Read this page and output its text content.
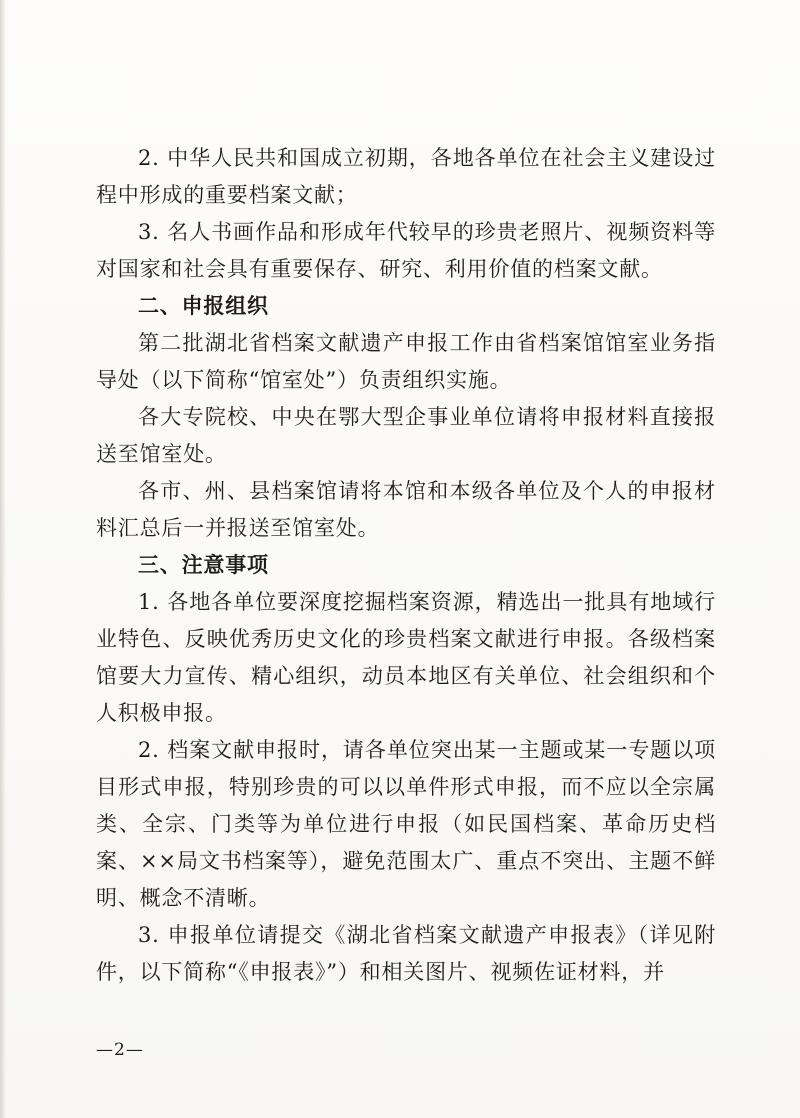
2. 中华人民共和国成立初期，各地各单位在社会主义建设过程中形成的重要档案文献；

3. 名人书画作品和形成年代较早的珍贵老照片、视频资料等对国家和社会具有重要保存、研究、利用价值的档案文献。

二、申报组织

第二批湖北省档案文献遗产申报工作由省档案馆馆室业务指导处（以下简称“馆室处”）负责组织实施。

各大专院校、中央在鄂大型企事业单位请将申报材料直接报送至馆室处。

各市、州、县档案馆请将本馆和本级各单位及个人的申报材料汇总后一并报送至馆室处。

三、注意事项

1. 各地各单位要深度挖掘档案资源，精选出一批具有地域行业特色、反映优秀历史文化的珍贵档案文献进行申报。各级档案馆要大力宣传、精心组织，动员本地区有关单位、社会组织和个人积极申报。

2. 档案文献申报时，请各单位突出某一主题或某一专题以项目形式申报，特别珍贵的可以以单件形式申报，而不应以全宗属类、全宗、门类等为单位进行申报（如民国档案、革命历史档案、××局文书档案等），避免范围太广、重点不突出、主题不鲜明、概念不清晰。

3. 申报单位请提交《湖北省档案文献遗产申报表》（详见附件，以下简称“《申报表》”）和相关图片、视频佐证材料，并

—2—
